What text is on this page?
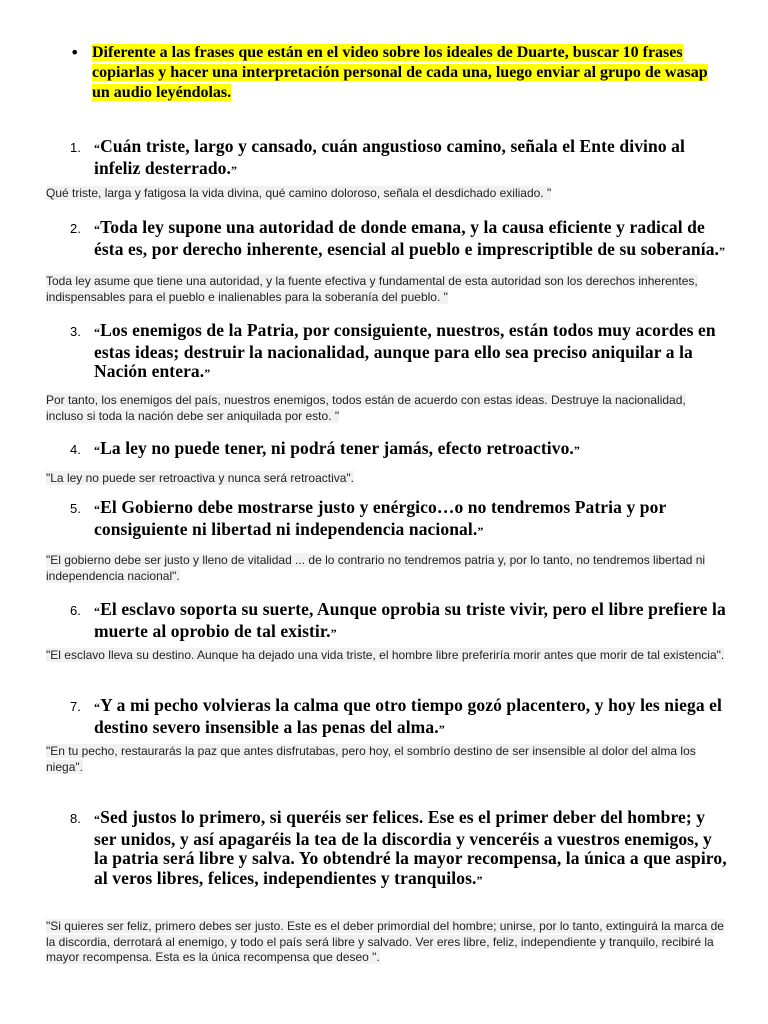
• Diferente a las frases que están en el video sobre los ideales de Duarte, buscar 10 frases copiarlas y hacer una interpretación personal de cada una, luego enviar al grupo de wasap un audio leyéndolas.
1.	“Cuán triste, largo y cansado, cuán angustioso camino, señala el Ente divino al infeliz desterrado.”
Qué triste, larga y fatigosa la vida divina, qué camino doloroso, señala el desdichado exiliado. "
2.	“Toda ley supone una autoridad de donde emana, y la causa eficiente y radical de ésta es, por derecho inherente, esencial al pueblo e imprescriptible de su soberanía.”
Toda ley asume que tiene una autoridad, y la fuente efectiva y fundamental de esta autoridad son los derechos inherentes, indispensables para el pueblo e inalienables para la soberanía del pueblo. "
3.	“Los enemigos de la Patria, por consiguiente, nuestros, están todos muy acordes en estas ideas; destruir la nacionalidad, aunque para ello sea preciso aniquilar a la Nación entera.”
Por tanto, los enemigos del país, nuestros enemigos, todos están de acuerdo con estas ideas. Destruye la nacionalidad, incluso si toda la nación debe ser aniquilada por esto. "
4.	“La ley no puede tener, ni podrá tener jamás, efecto retroactivo.”
"La ley no puede ser retroactiva y nunca será retroactiva".
5.	“El Gobierno debe mostrarse justo y enérgico…o no tendremos Patria y por consiguiente ni libertad ni independencia nacional.”
"El gobierno debe ser justo y lleno de vitalidad ... de lo contrario no tendremos patria y, por lo tanto, no tendremos libertad ni independencia nacional".
6.	“El esclavo soporta su suerte, Aunque oprobia su triste vivir, pero el libre prefiere la muerte al oprobio de tal existir.”
"El esclavo lleva su destino. Aunque ha dejado una vida triste, el hombre libre preferiría morir antes que morir de tal existencia".
7.	“Y a mi pecho volvieras la calma que otro tiempo gozó placentero, y hoy les niega el destino severo insensible a las penas del alma.”
"En tu pecho, restaurarás la paz que antes disfrutabas, pero hoy, el sombrío destino de ser insensible al dolor del alma los niega".
8.	“Sed justos lo primero, si queréis ser felices. Ese es el primer deber del hombre; y ser unidos, y así apagaréis la tea de la discordia y venceréis a vuestros enemigos, y la patria será libre y salva. Yo obtendré la mayor recompensa, la única a que aspiro, al veros libres, felices, independientes y tranquilos.”
"Si quieres ser feliz, primero debes ser justo. Este es el deber primordial del hombre; unirse, por lo tanto, extinguirá la marca de la discordia, derrotará al enemigo, y todo el país será libre y salvado. Ver eres libre, feliz, independiente y tranquilo, recibiré la mayor recompensa. Esta es la única recompensa que deseo ".
